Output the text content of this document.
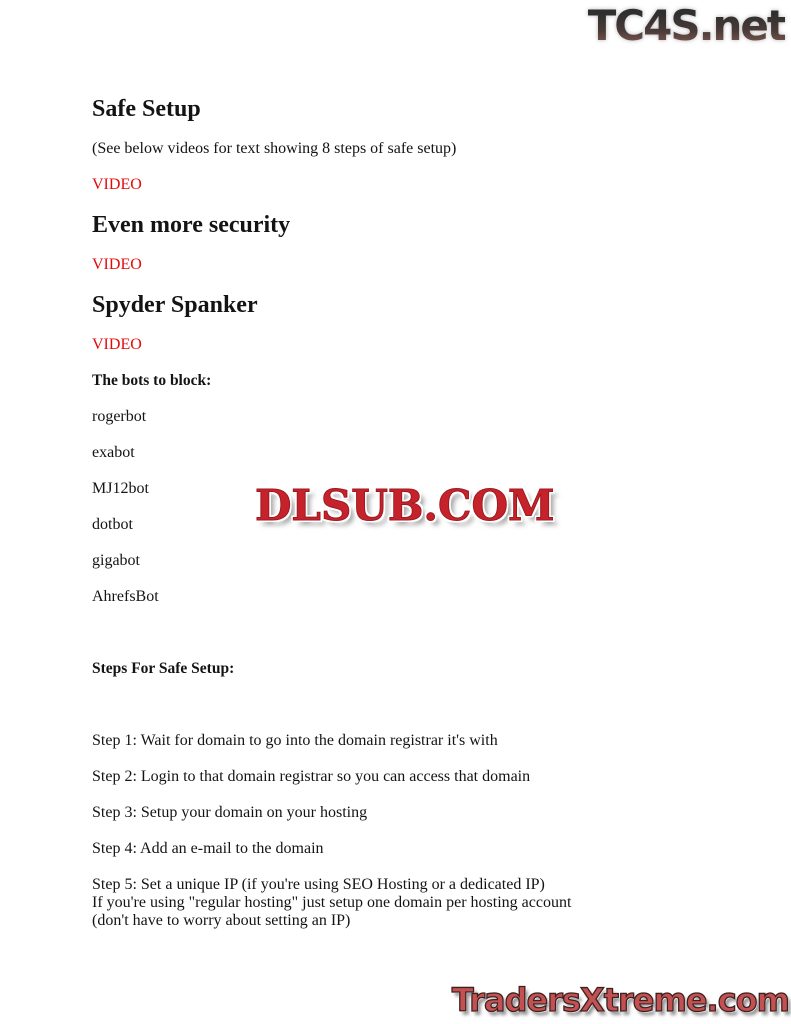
TC4S.net
Safe Setup

(See below videos for text showing 8 steps of safe setup)

VIDEO

Even more security

VIDEO

Spyder Spanker

VIDEO

The bots to block:

rogerbot

exabot

MJ12bot

dotbot

gigabot

AhrefsBot

Steps For Safe Setup:

Step 1: Wait for domain to go into the domain registrar it's with

Step 2: Login to that domain registrar so you can access that domain

Step 3: Setup your domain on your hosting

Step 4: Add an e-mail to the domain

Step 5: Set a unique IP (if you're using SEO Hosting or a dedicated IP)
If you're using "regular hosting" just setup one domain per hosting account
(don't have to worry about setting an IP)

DLSUB.COM
TradersXtreme.com
